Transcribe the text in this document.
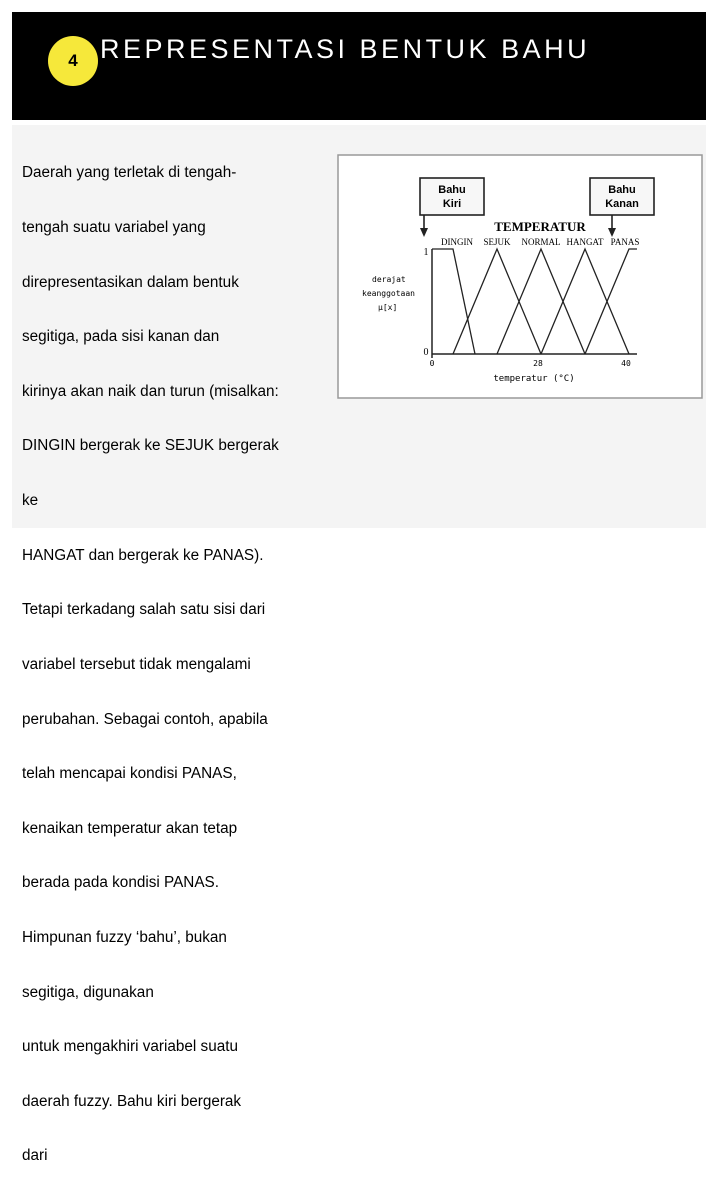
4 REPRESENTASI BENTUK BAHU

Daerah yang terletak di tengah-

tengah suatu variabel yang

direpresentasikan dalam bentuk

segitiga, pada sisi kanan dan

kirinya akan naik dan turun (misalkan:

DINGIN bergerak ke SEJUK bergerak

ke

HANGAT dan bergerak ke PANAS).

Tetapi terkadang salah satu sisi dari

variabel tersebut tidak mengalami

perubahan. Sebagai contoh, apabila

telah mencapai kondisi PANAS,

kenaikan temperatur akan tetap

berada pada kondisi PANAS.

Himpunan fuzzy ‘bahu’, bukan

segitiga, digunakan

untuk mengakhiri variabel suatu

daerah fuzzy. Bahu kiri bergerak

dari

Bahu
Kiri
Bahu
Kanan
TEMPERATUR
DINGIN SEJUK NORMAL HANGAT PANAS
derajat
keanggotaan
µ[x]
1
0
0	28	40
temperatur (°C)
